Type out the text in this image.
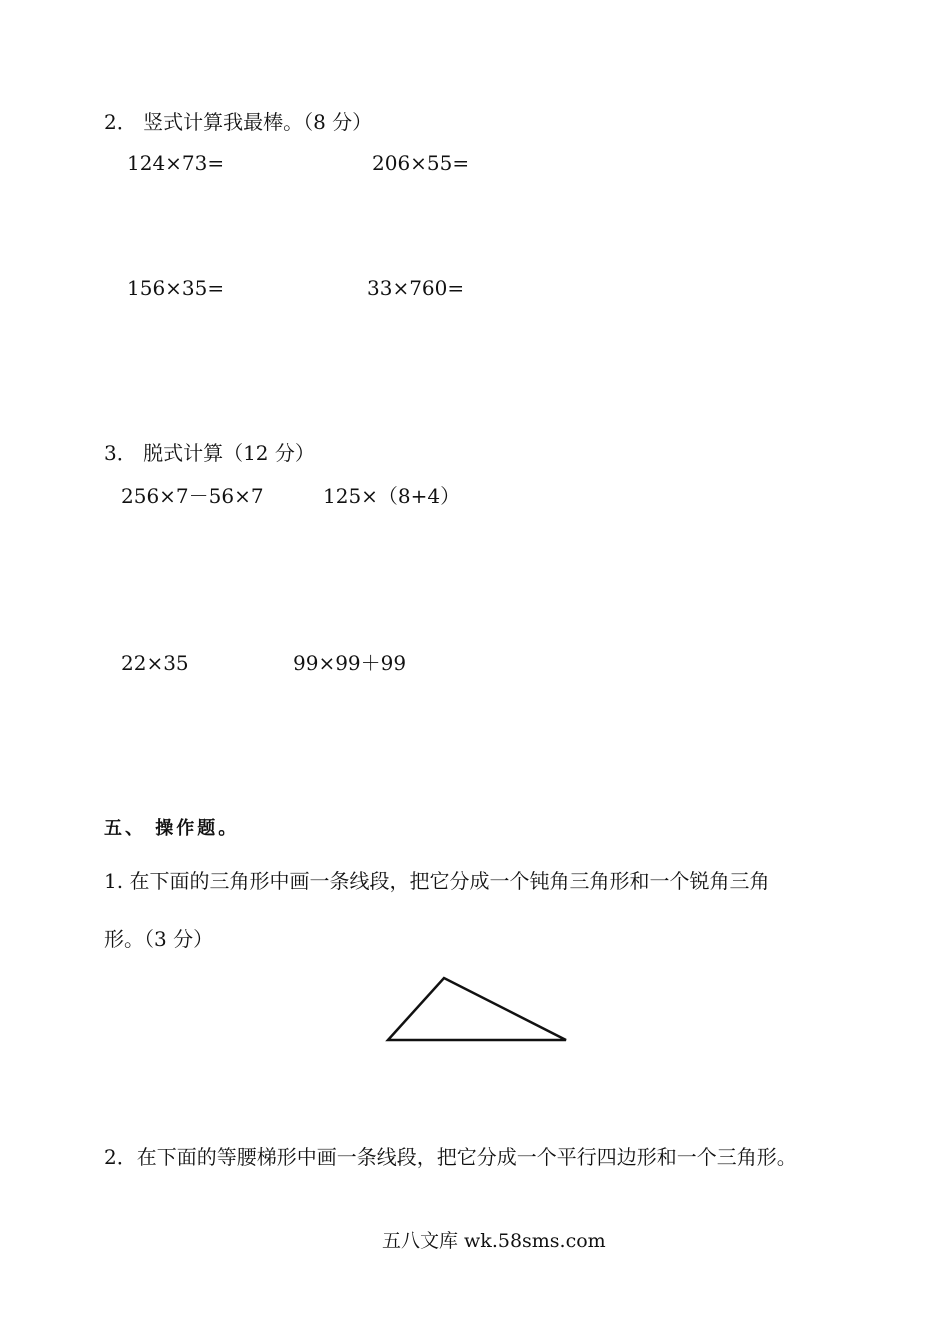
2． 竖式计算我最棒。（8 分）
124×73=	206×55=
156×35=	33×760=
3． 脱式计算（12 分）
256×7－56×7	125×（8+4）
22×35	99×99＋99
五、 操作题。
1. 在下面的三角形中画一条线段，把它分成一个钝角三角形和一个锐角三角
形。（3 分）
2．在下面的等腰梯形中画一条线段，把它分成一个平行四边形和一个三角形。
五八文库 wk.58sms.com
